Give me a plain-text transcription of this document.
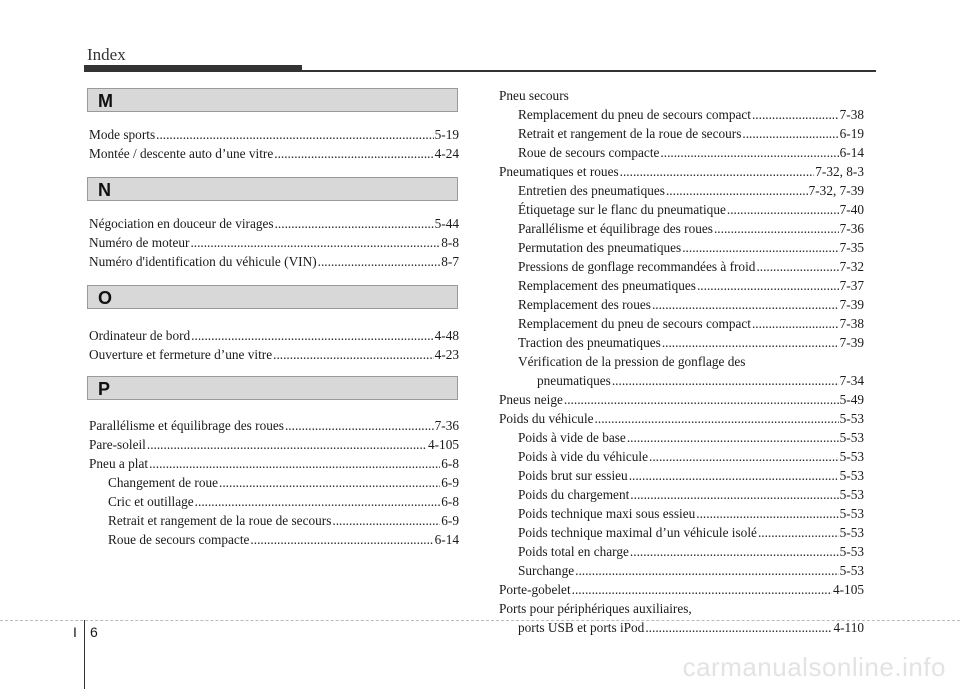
Index
M
Mode sports .....	5-19
Montée / descente auto d’une vitre .....	4-24
N
Négociation en douceur de virages .....	5-44
Numéro de moteur .....	8-8
Numéro d'identification du véhicule (VIN) .....	8-7
O
Ordinateur de bord .....	4-48
Ouverture et fermeture d’une vitre .....	4-23
P
Parallélisme et équilibrage des roues .....	7-36
Pare-soleil .....	4-105
Pneu a plat .....	6-8
Changement de roue .....	6-9
Cric et outillage .....	6-8
Retrait et rangement de la roue de secours .....	6-9
Roue de secours compacte .....	6-14
Pneu secours
Remplacement du pneu de secours compact .....	7-38
Retrait et rangement de la roue de secours .....	6-19
Roue de secours compacte .....	6-14
Pneumatiques et roues .....	7-32, 8-3
Entretien des pneumatiques .....	7-32, 7-39
Étiquetage sur le flanc du pneumatique .....	7-40
Parallélisme et équilibrage des roues .....	7-36
Permutation des pneumatiques .....	7-35
Pressions de gonflage recommandées à froid .....	7-32
Remplacement des pneumatiques .....	7-37
Remplacement des roues .....	7-39
Remplacement du pneu de secours compact .....	7-38
Traction des pneumatiques .....	7-39
Vérification de la pression de gonflage des
pneumatiques .....	7-34
Pneus neige .....	5-49
Poids du véhicule .....	5-53
Poids à vide de base .....	5-53
Poids à vide du véhicule .....	5-53
Poids brut sur essieu .....	5-53
Poids du chargement .....	5-53
Poids technique maxi sous essieu .....	5-53
Poids technique maximal d’un véhicule isolé .....	5-53
Poids total en charge .....	5-53
Surchange .....	5-53
Porte-gobelet .....	4-105
Ports pour périphériques auxiliaires,
ports USB et ports iPod .....	4-110
I 6
carmanualsonline.info
